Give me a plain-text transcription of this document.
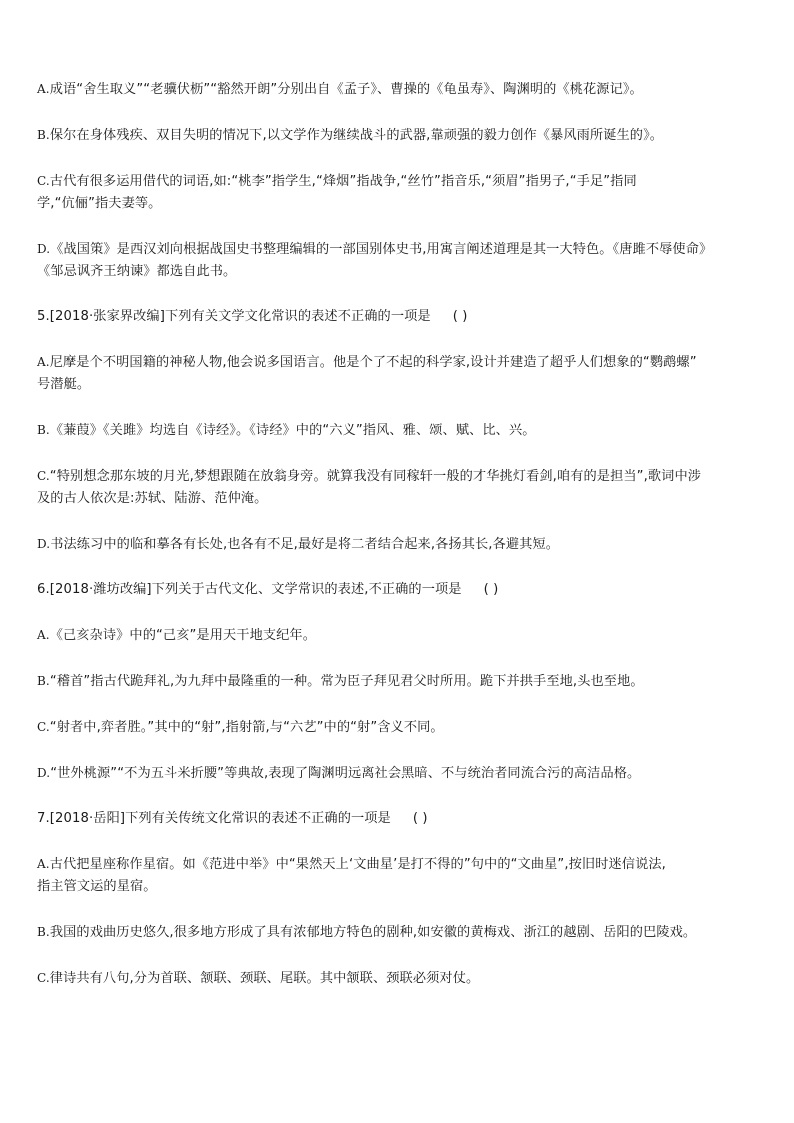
A.成语“舍生取义”“老骥伏枥”“豁然开朗”分别出自《孟子》、曹操的《龟虽寿》、陶渊明的《桃花源记》。
B.保尔在身体残疾、双目失明的情况下,以文学作为继续战斗的武器,靠顽强的毅力创作《暴风雨所诞生的》。
C.古代有很多运用借代的词语,如:“桃李”指学生,“烽烟”指战争,“丝竹”指音乐,“须眉”指男子,“手足”指同
学,“伉俪”指夫妻等。
D.《战国策》是西汉刘向根据战国史书整理编辑的一部国别体史书,用寓言阐述道理是其一大特色。《唐雎不辱使命》
《邹忌讽齐王纳谏》都选自此书。
5.[2018·张家界改编]下列有关文学文化常识的表述不正确的一项是 ( )
A.尼摩是个不明国籍的神秘人物,他会说多国语言。他是个了不起的科学家,设计并建造了超乎人们想象的“鹦鹉螺”
号潜艇。
B.《蒹葭》《关雎》均选自《诗经》。《诗经》中的“六义”指风、雅、颂、赋、比、兴。
C.“特别想念那东坡的月光,梦想跟随在放翁身旁。就算我没有同稼轩一般的才华挑灯看剑,咱有的是担当”,歌词中涉
及的古人依次是:苏轼、陆游、范仲淹。
D.书法练习中的临和摹各有长处,也各有不足,最好是将二者结合起来,各扬其长,各避其短。
6.[2018·潍坊改编]下列关于古代文化、文学常识的表述,不正确的一项是 ( )
A.《己亥杂诗》中的“己亥”是用天干地支纪年。
B.“稽首”指古代跪拜礼,为九拜中最隆重的一种。常为臣子拜见君父时所用。跪下并拱手至地,头也至地。
C.“射者中,弈者胜。”其中的“射”,指射箭,与“六艺”中的“射”含义不同。
D.“世外桃源”“不为五斗米折腰”等典故,表现了陶渊明远离社会黑暗、不与统治者同流合污的高洁品格。
7.[2018·岳阳]下列有关传统文化常识的表述不正确的一项是 ( )
A.古代把星座称作星宿。如《范进中举》中“果然天上‘文曲星’是打不得的”句中的“文曲星”,按旧时迷信说法,
指主管文运的星宿。
B.我国的戏曲历史悠久,很多地方形成了具有浓郁地方特色的剧种,如安徽的黄梅戏、浙江的越剧、岳阳的巴陵戏。
C.律诗共有八句,分为首联、颔联、颈联、尾联。其中颔联、颈联必须对仗。
